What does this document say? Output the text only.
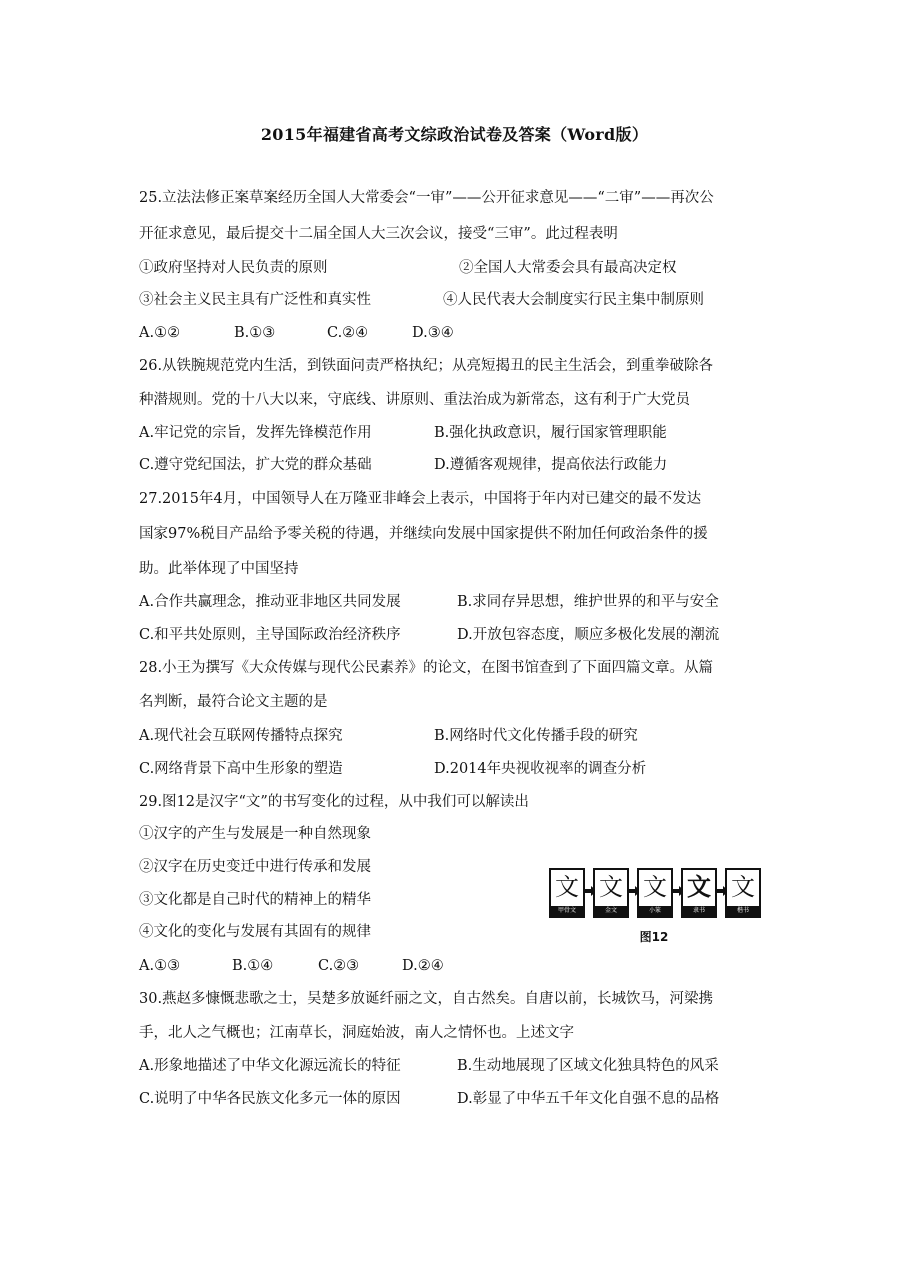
2015年福建省高考文综政治试卷及答案（Word版）
25.立法法修正案草案经历全国人大常委会“一审”——公开征求意见——“二审”——再次公
开征求意见，最后提交十二届全国人大三次会议，接受“三审”。此过程表明
①政府坚持对人民负责的原则	②全国人大常委会具有最高决定权
③社会主义民主具有广泛性和真实性	④人民代表大会制度实行民主集中制原则
A.①②	B.①③	C.②④	D.③④
26.从铁腕规范党内生活，到铁面问责严格执纪；从亮短揭丑的民主生活会，到重拳破除各
种潜规则。党的十八大以来，守底线、讲原则、重法治成为新常态，这有利于广大党员
A.牢记党的宗旨，发挥先锋模范作用	B.强化执政意识，履行国家管理职能
C.遵守党纪国法，扩大党的群众基础	D.遵循客观规律，提高依法行政能力
27.2015年4月，中国领导人在万隆亚非峰会上表示，中国将于年内对已建交的最不发达
国家97%税目产品给予零关税的待遇，并继续向发展中国家提供不附加任何政治条件的援
助。此举体现了中国坚持
A.合作共赢理念，推动亚非地区共同发展	B.求同存异思想，维护世界的和平与安全
C.和平共处原则，主导国际政治经济秩序	D.开放包容态度，顺应多极化发展的潮流
28.小王为撰写《大众传媒与现代公民素养》的论文，在图书馆查到了下面四篇文章。从篇
名判断，最符合论文主题的是
A.现代社会互联网传播特点探究	B.网络时代文化传播手段的研究
C.网络背景下高中生形象的塑造	D.2014年央视收视率的调查分析
29.图12是汉字“文”的书写变化的过程，从中我们可以解读出
①汉字的产生与发展是一种自然现象
②汉字在历史变迁中进行传承和发展
③文化都是自己时代的精神上的精华
④文化的变化与发展有其固有的规律
A.①③	B.①④	C.②③	D.②④
文
甲骨文
文
金文
文
小篆
文
隶书
文
楷书
图12
30.燕赵多慷慨悲歌之士，吴楚多放诞纤丽之文，自古然矣。自唐以前，长城饮马，河梁携
手，北人之气概也；江南草长，洞庭始波，南人之情怀也。上述文字
A.形象地描述了中华文化源远流长的特征	B.生动地展现了区域文化独具特色的风采
C.说明了中华各民族文化多元一体的原因	D.彰显了中华五千年文化自强不息的品格
